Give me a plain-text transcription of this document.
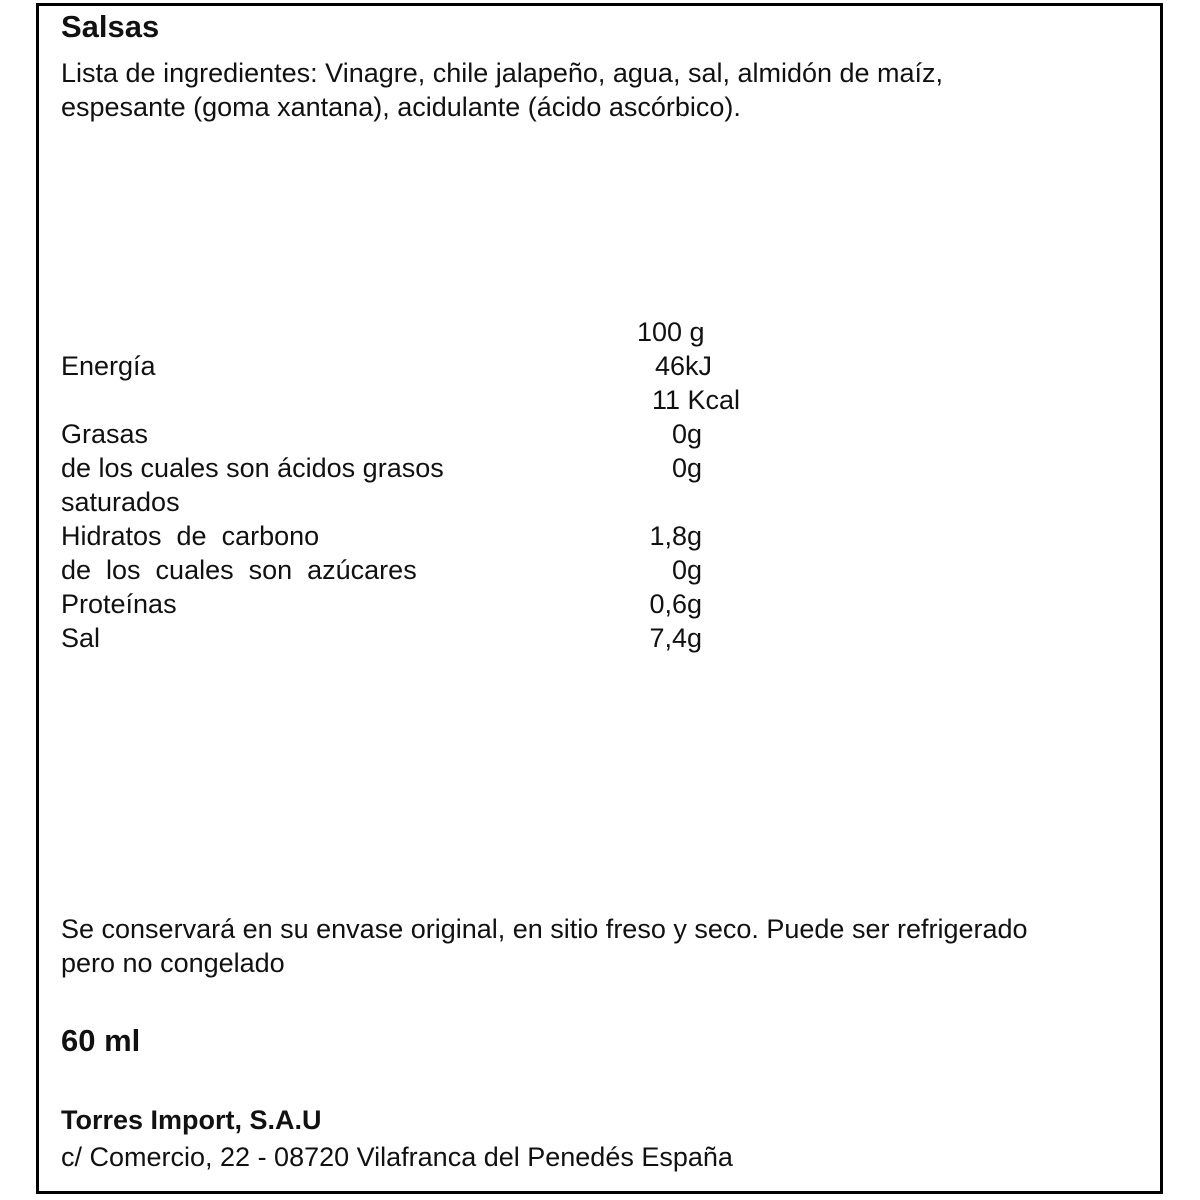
Salsas
Lista de ingredientes: Vinagre, chile jalapeño, agua, sal, almidón de maíz,
espesante (goma xantana), acidulante (ácido ascórbico).
100 g
Energía	46kJ
11 Kcal
Grasas	0g
de los cuales son ácidos grasos	0g
saturados
Hidratos  de  carbono	1,8g
de  los  cuales  son  azúcares	0g
Proteínas	0,6g
Sal	7,4g
Se conservará en su envase original, en sitio freso y seco. Puede ser refrigerado
pero no congelado
60 ml
Torres Import, S.A.U
c/ Comercio, 22 - 08720 Vilafranca del Penedés España
